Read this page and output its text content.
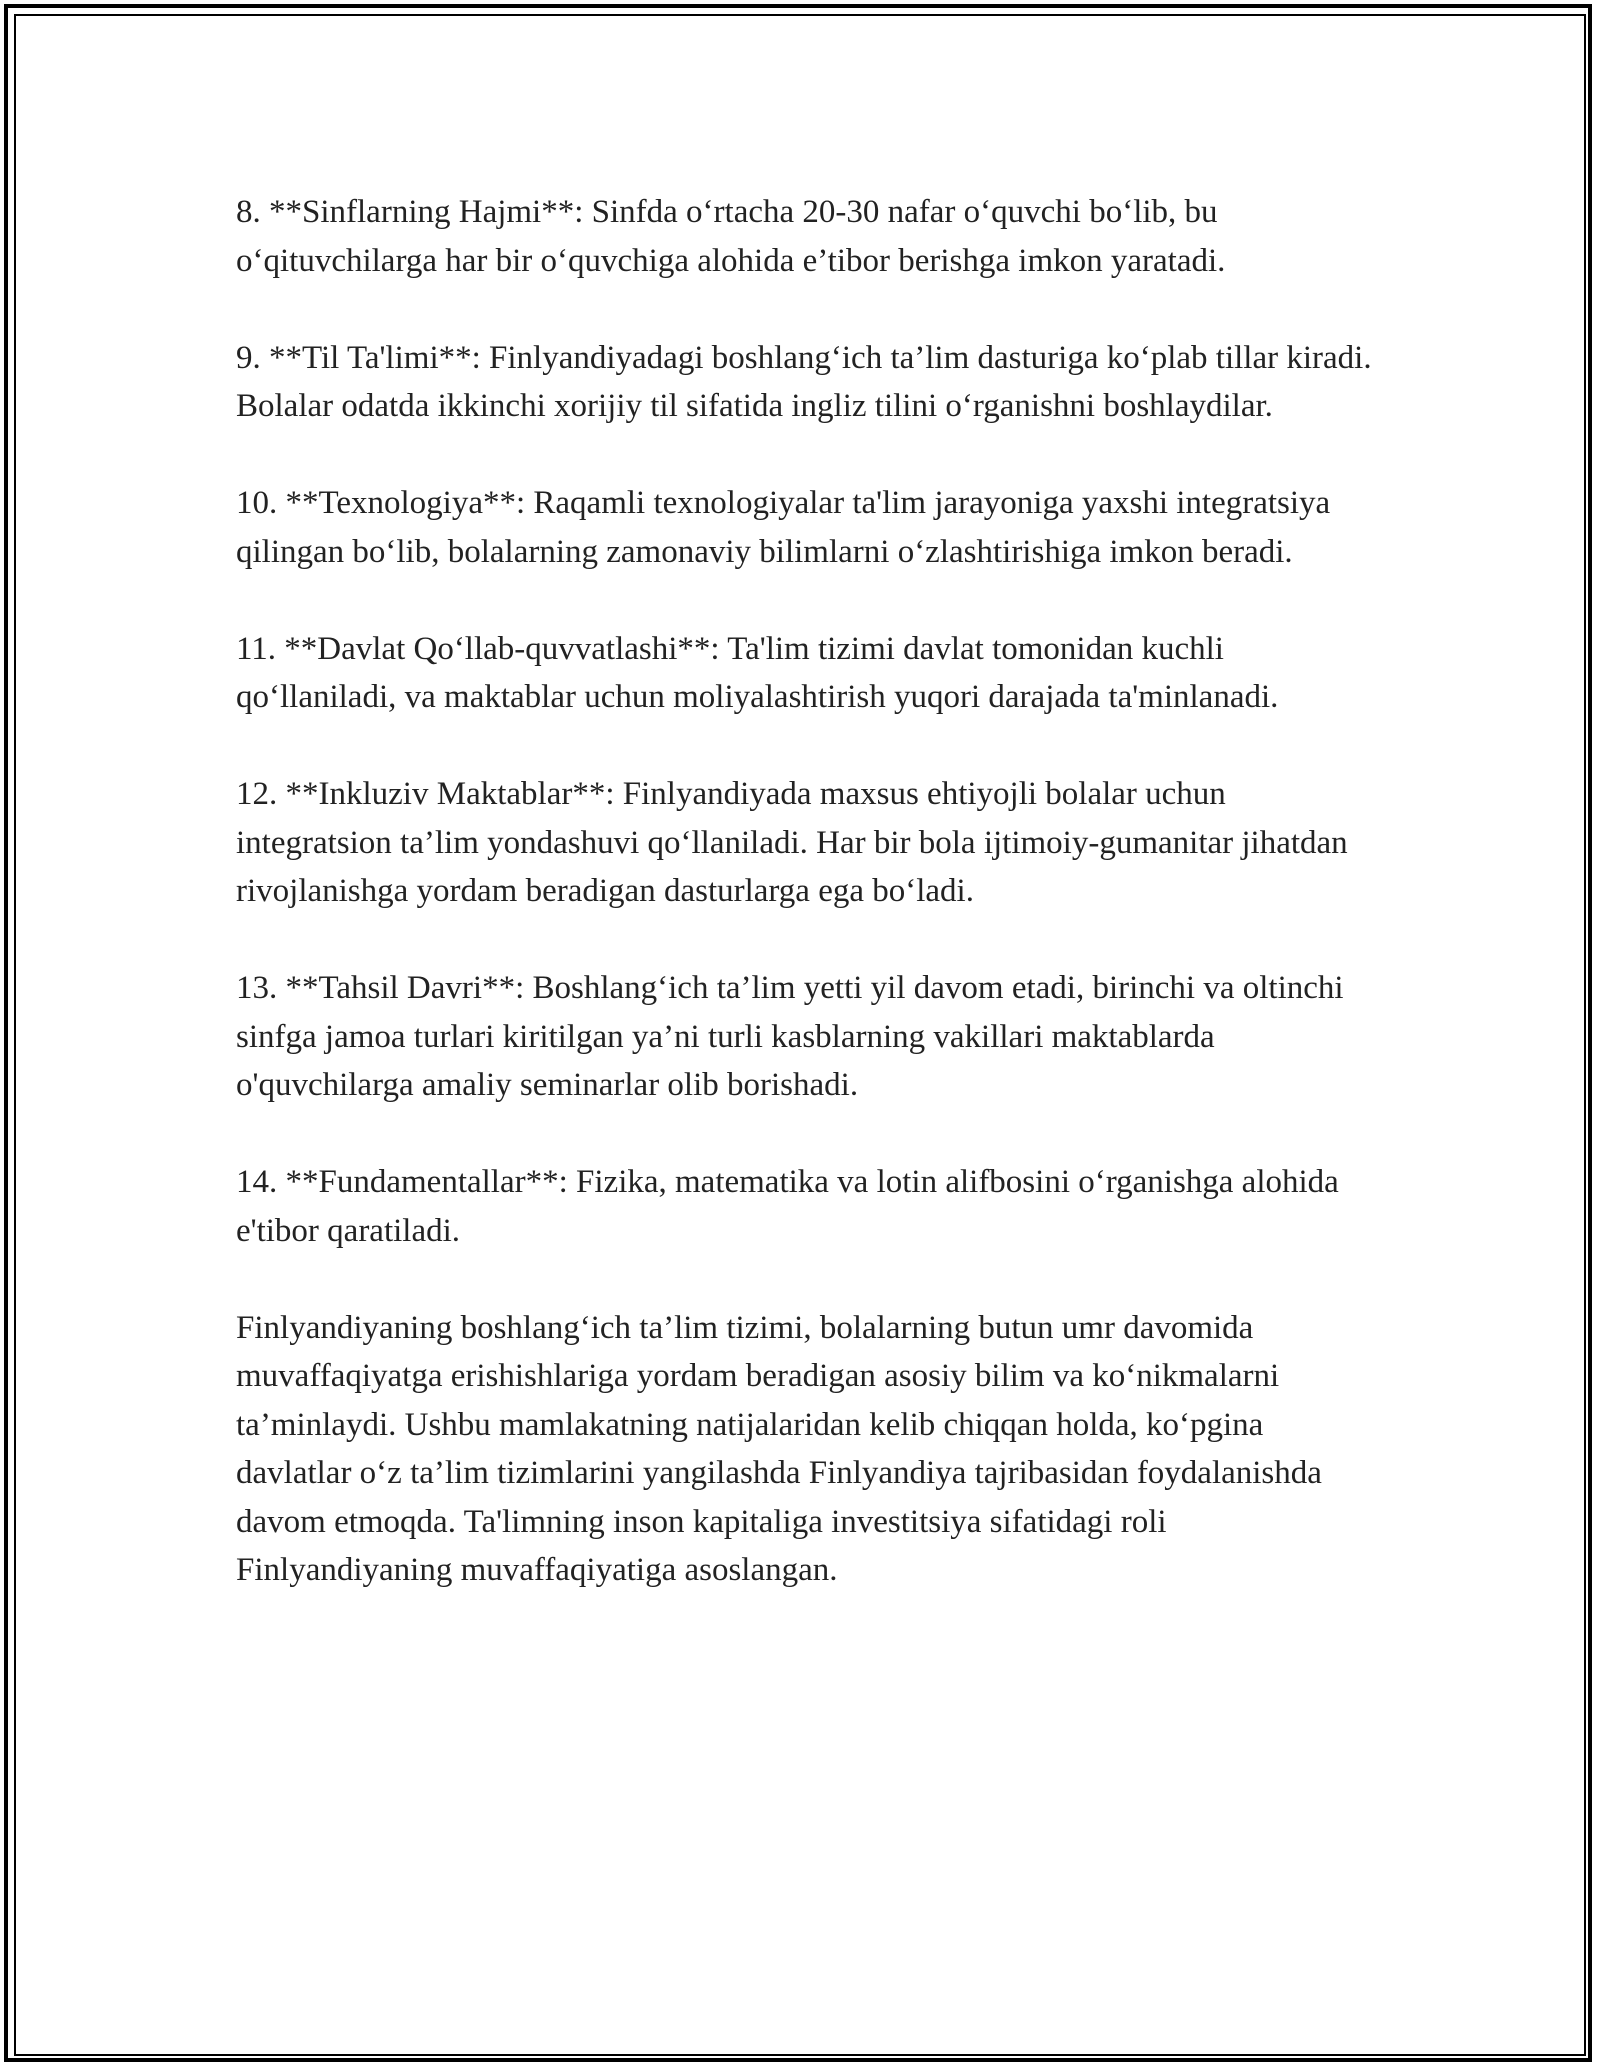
8. **Sinflarning Hajmi**: Sinfda o‘rtacha 20-30 nafar o‘quvchi bo‘lib, bu o‘qituvchilarga har bir o‘quvchiga alohida e’tibor berishga imkon yaratadi.

9. **Til Ta'limi**: Finlyandiyadagi boshlang‘ich ta’lim dasturiga ko‘plab tillar kiradi. Bolalar odatda ikkinchi xorijiy til sifatida ingliz tilini o‘rganishni boshlaydilar.

10. **Texnologiya**: Raqamli texnologiyalar ta'lim jarayoniga yaxshi integratsiya qilingan bo‘lib, bolalarning zamonaviy bilimlarni o‘zlashtirishiga imkon beradi.

11. **Davlat Qo‘llab-quvvatlashi**: Ta'lim tizimi davlat tomonidan kuchli qo‘llaniladi, va maktablar uchun moliyalashtirish yuqori darajada ta'minlanadi.

12. **Inkluziv Maktablar**: Finlyandiyada maxsus ehtiyojli bolalar uchun integratsion ta’lim yondashuvi qo‘llaniladi. Har bir bola ijtimoiy-gumanitar jihatdan rivojlanishga yordam beradigan dasturlarga ega bo‘ladi.

13. **Tahsil Davri**: Boshlang‘ich ta’lim yetti yil davom etadi, birinchi va oltinchi sinfga jamoa turlari kiritilgan ya’ni turli kasblarning vakillari maktablarda o'quvchilarga amaliy seminarlar olib borishadi.

14. **Fundamentallar**: Fizika, matematika va lotin alifbosini o‘rganishga alohida e'tibor qaratiladi.

Finlyandiyaning boshlang‘ich ta’lim tizimi, bolalarning butun umr davomida muvaffaqiyatga erishishlariga yordam beradigan asosiy bilim va ko‘nikmalarni ta’minlaydi. Ushbu mamlakatning natijalaridan kelib chiqqan holda, ko‘pgina davlatlar o‘z ta’lim tizimlarini yangilashda Finlyandiya tajribasidan foydalanishda davom etmoqda. Ta'limning inson kapitaliga investitsiya sifatidagi roli Finlyandiyaning muvaffaqiyatiga asoslangan.
